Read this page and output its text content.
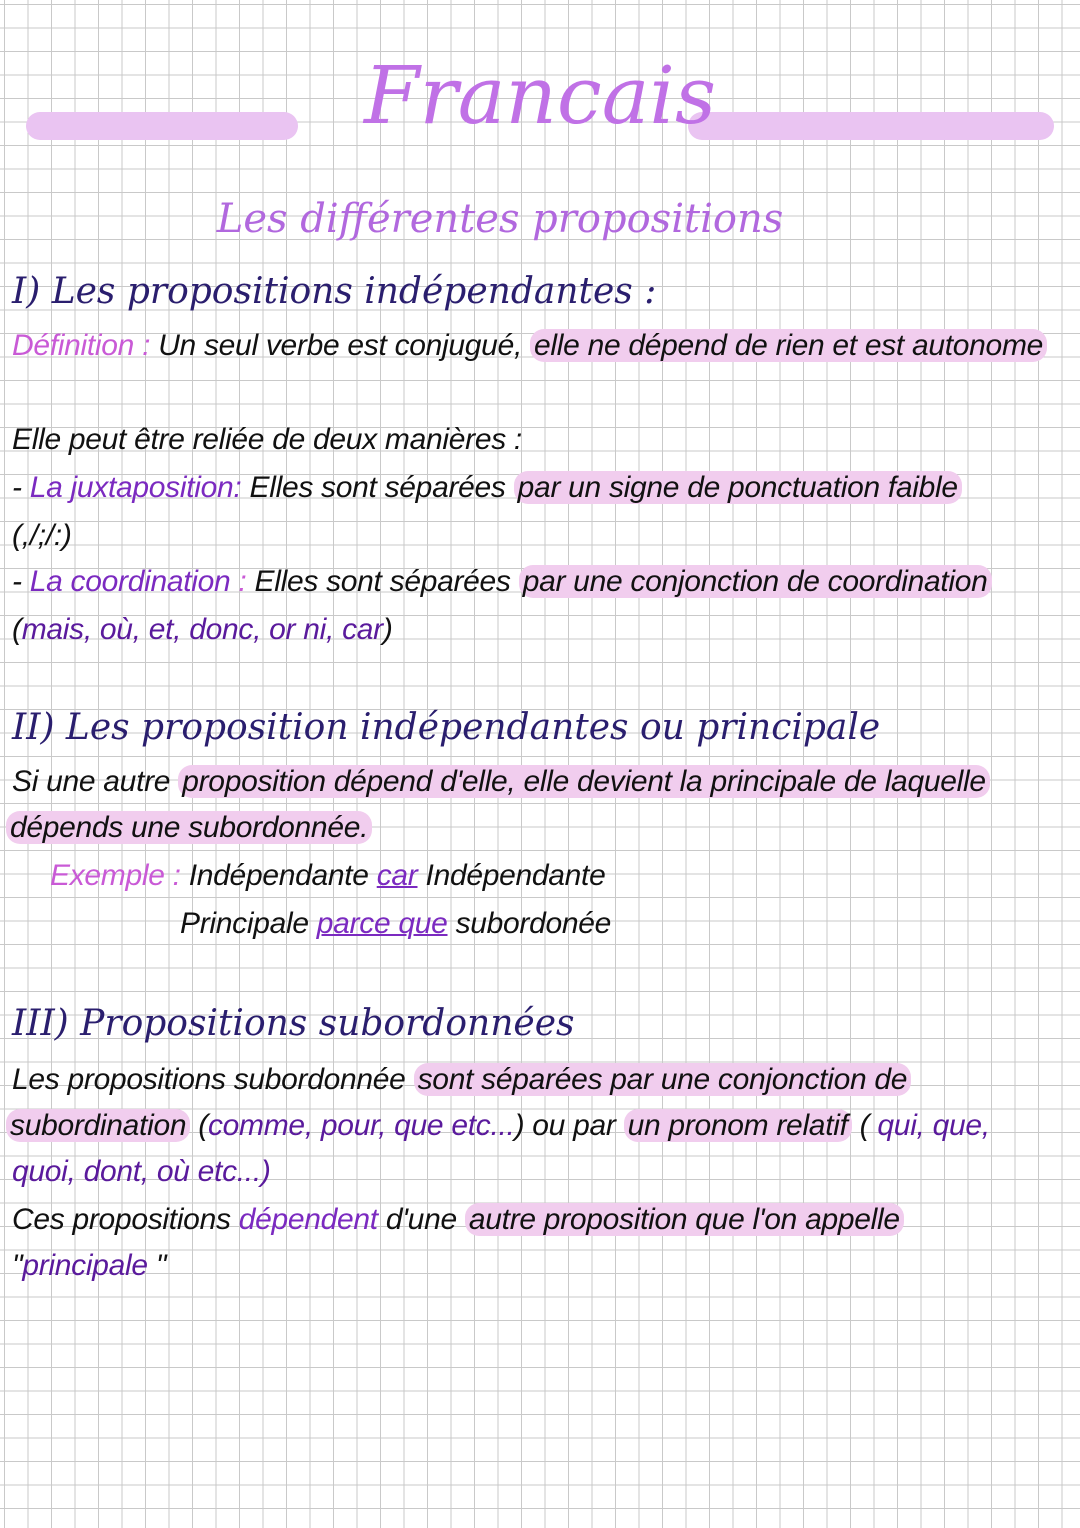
Francais
Les différentes propositions
I) Les propositions indépendantes :
Définition : Un seul verbe est conjugué, elle ne dépend de rien et est autonome
Elle peut être reliée de deux manières :
- La juxtaposition: Elles sont séparées par un signe de ponctuation faible
(,/;/:)
- La coordination : Elles sont séparées par une conjonction de coordination
(mais, où, et, donc, or ni, car)
II) Les proposition indépendantes ou principale
Si une autre proposition dépend d'elle, elle devient la principale de laquelle
dépends une subordonnée.
Exemple : Indépendante car Indépendante
Principale parce que subordonée
III) Propositions subordonnées
Les propositions subordonnée sont séparées par une conjonction de
subordination (comme, pour, que etc...) ou par un pronom relatif ( qui, que,
quoi, dont, où etc...)
Ces propositions dépendent d'une autre proposition que l'on appelle
"principale "
